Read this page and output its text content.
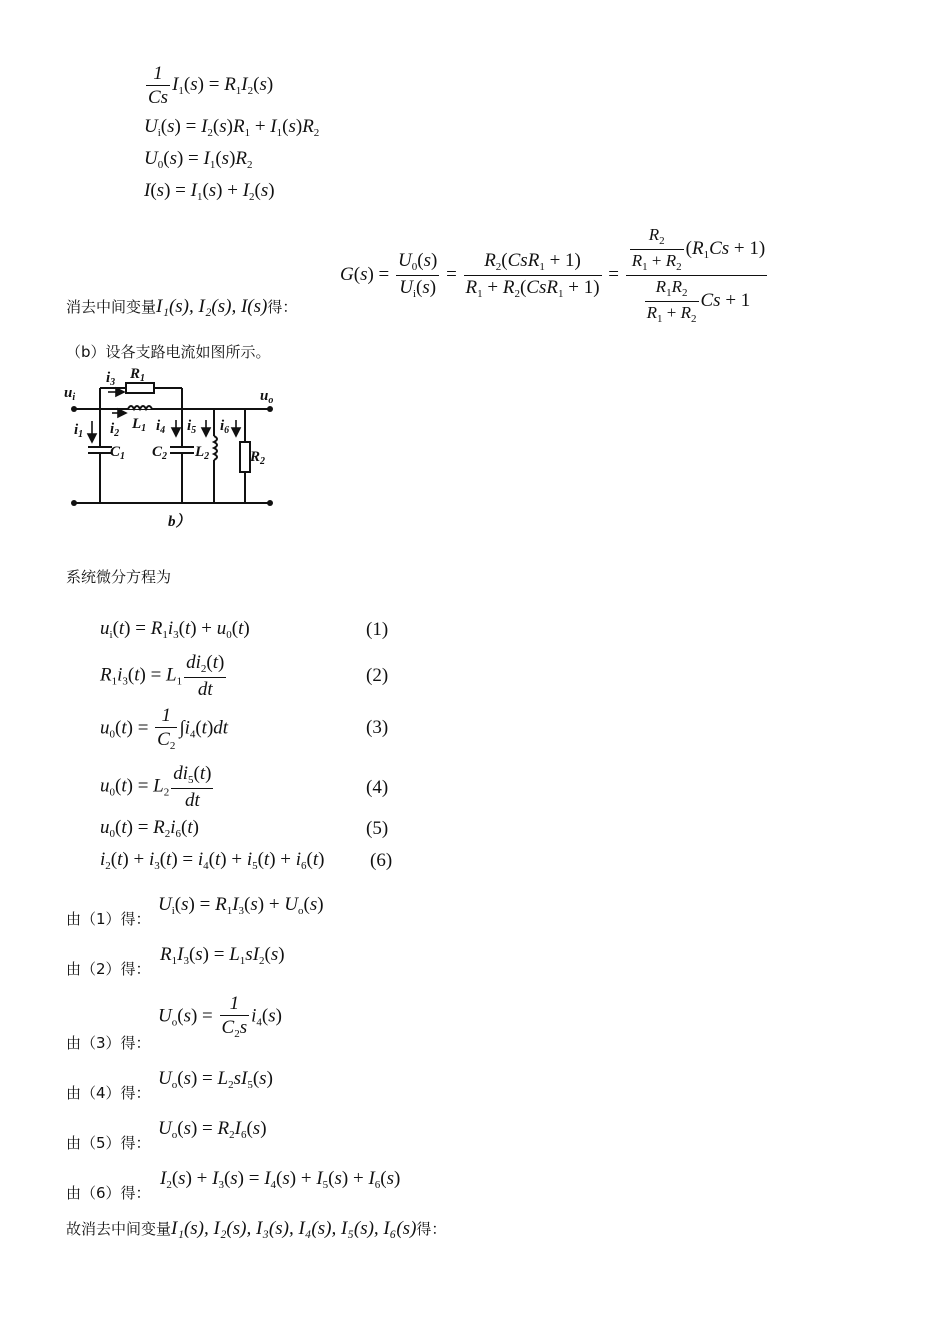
$\frac{1}{Cs} I_1(s) = R_1I_2(s)$
$U_i(s) = I_2(s)R_1 + I_1(s)R_2$
$U_0(s) = I_1(s)R_2$
$I(s) = I_1(s) + I_2(s)$
$G(s) = \frac{U_0(s)}{U_i(s)} = \frac{R_2(CsR_1 + 1)}{R_1 + R_2(CsR_1 + 1)} = \frac{\frac{R_2}{R_1 + R_2} (R_1Cs + 1)}{\frac{R_1R_2}{R_1 + R_2} Cs + 1}$
消去中间变量I₁(s), I₂(s), I(s)得：
（b）设各支路电流如图所示。
$u_i$	$u_o$
$R_1$
$i_3$
$i_2$
$L_1$
$i_1$
$C_1$
$i_4$
$C_2$
$i_5$
$L_2$
$i_6$
$R_2$
b）
系统微分方程为
$u_i(t) = R_1i_3(t) + u_0(t)$
$R_1i_3(t) = L_1 \frac{di_2(t)}{dt}$
$u_0(t) = \frac{1}{C_2} \int i_4(t)dt$
$u_0(t) = L_2 \frac{di_5(t)}{dt}$
$u_0(t) = R_2i_6(t)$
$i_2(t) + i_3(t) = i_4(t) + i_5(t) + i_6(t)$
(1)
(2)
(3)
(4)
(5)
(6)
由（1）得：
$U_i(s) = R_1I_3(s) + U_o(s)$
由（2）得：
$R_1I_3(s) = L_1sI_2(s)$
由（3）得：
$U_o(s) = \frac{1}{C_2s} i_4(s)$
由（4）得：
$U_o(s) = L_2sI_5(s)$
由（5）得：
$U_o(s) = R_2I_6(s)$
由（6）得：
$I_2(s) + I_3(s) = I_4(s) + I_5(s) + I_6(s)$
故消去中间变量I₁(s), I₂(s), I₃(s), I₄(s), I₅(s), I₆(s)得：
